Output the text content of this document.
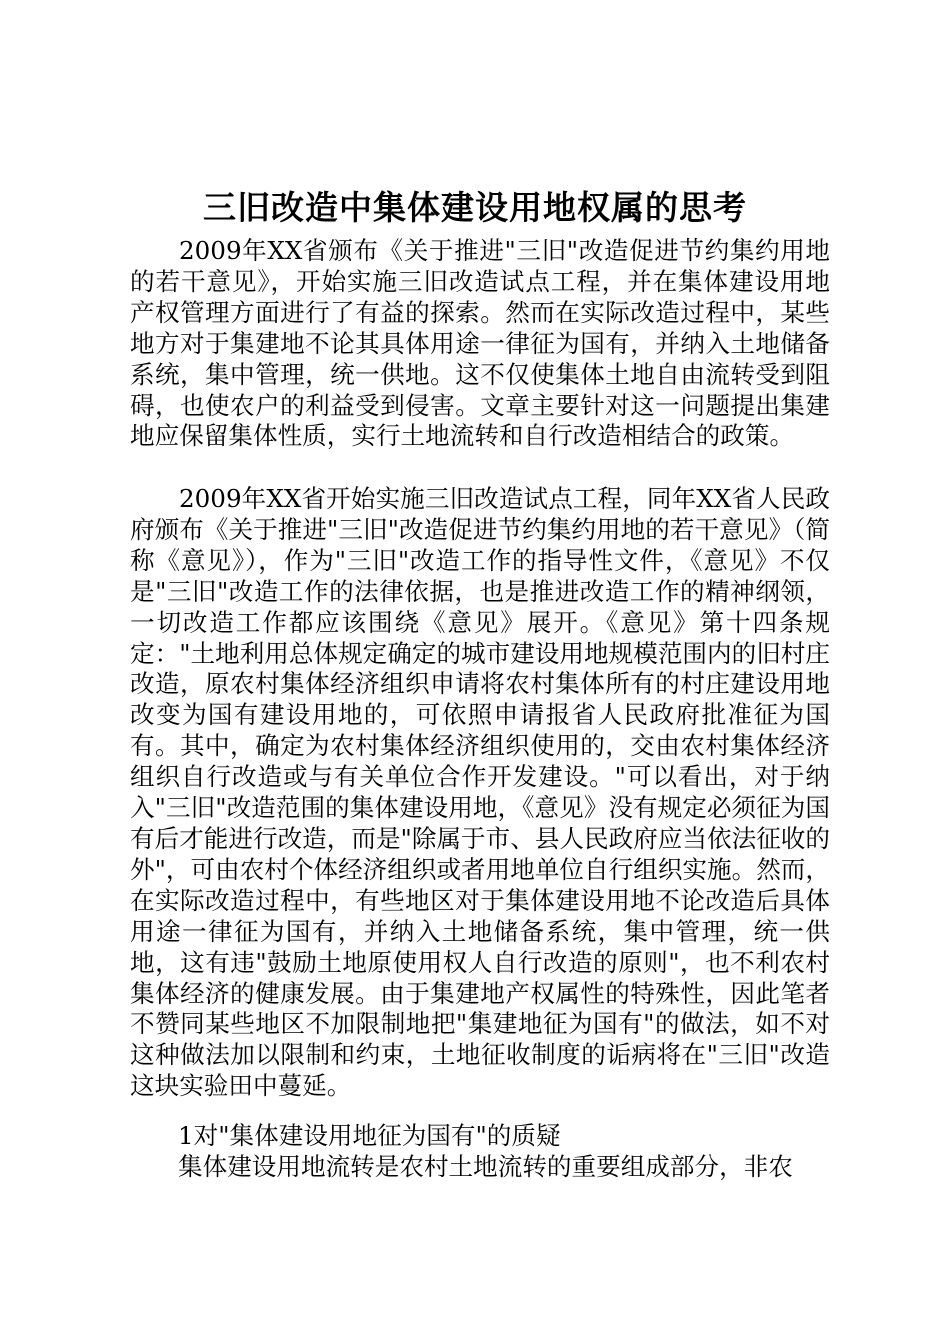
三旧改造中集体建设用地权属的思考

2009年XX省颁布《关于推进"三旧"改造促进节约集约用地的若干意见》，开始实施三旧改造试点工程，并在集体建设用地产权管理方面进行了有益的探索。然而在实际改造过程中，某些地方对于集建地不论其具体用途一律征为国有，并纳入土地储备系统，集中管理，统一供地。这不仅使集体土地自由流转受到阻碍，也使农户的利益受到侵害。文章主要针对这一问题提出集建地应保留集体性质，实行土地流转和自行改造相结合的政策。

2009年XX省开始实施三旧改造试点工程，同年XX省人民政府颁布《关于推进"三旧"改造促进节约集约用地的若干意见》（简称《意见》），作为"三旧"改造工作的指导性文件，《意见》不仅是"三旧"改造工作的法律依据，也是推进改造工作的精神纲领，一切改造工作都应该围绕《意见》展开。《意见》第十四条规定："土地利用总体规定确定的城市建设用地规模范围内的旧村庄改造，原农村集体经济组织申请将农村集体所有的村庄建设用地改变为国有建设用地的，可依照申请报省人民政府批准征为国有。其中，确定为农村集体经济组织使用的，交由农村集体经济组织自行改造或与有关单位合作开发建设。"可以看出，对于纳入"三旧"改造范围的集体建设用地，《意见》没有规定必须征为国有后才能进行改造，而是"除属于市、县人民政府应当依法征收的外"，可由农村个体经济组织或者用地单位自行组织实施。然而，在实际改造过程中，有些地区对于集体建设用地不论改造后具体用途一律征为国有，并纳入土地储备系统，集中管理，统一供地，这有违"鼓励土地原使用权人自行改造的原则"，也不利农村集体经济的健康发展。由于集建地产权属性的特殊性，因此笔者不赞同某些地区不加限制地把"集建地征为国有"的做法，如不对这种做法加以限制和约束，土地征收制度的诟病将在"三旧"改造这块实验田中蔓延。

1对"集体建设用地征为国有"的质疑

集体建设用地流转是农村土地流转的重要组成部分，非农
